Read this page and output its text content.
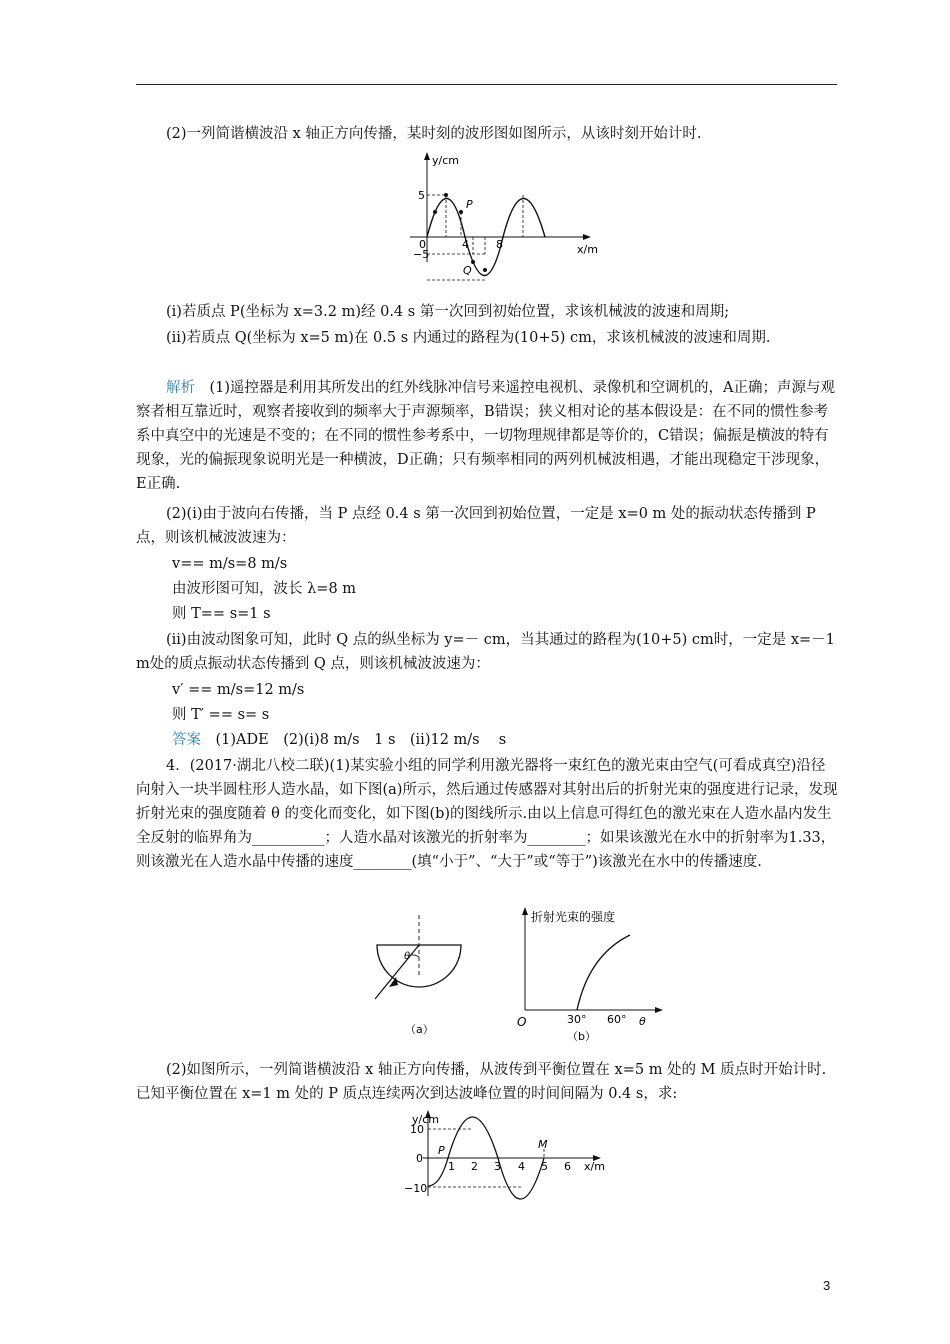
(2)一列简谐横波沿 x 轴正方向传播，某时刻的波形图如图所示，从该时刻开始计时.

y/cm
5
−5
0	4 8
P
Q
x/m

(ⅰ)若质点 P(坐标为 x=3.2 m)经 0.4 s 第一次回到初始位置，求该机械波的波速和周期;

(ⅱ)若质点 Q(坐标为 x=5 m)在 0.5 s 内通过的路程为(10+5) cm，求该机械波的波速和周期.

解析　 (1)遥控器是利用其所发出的红外线脉冲信号来遥控电视机、录像机和空调机的，A正确；声源与观察者相互靠近时，观察者接收到的频率大于声源频率，B错误；狭义相对论的基本假设是：在不同的惯性参考系中真空中的光速是不变的；在不同的惯性参考系中，一切物理规律都是等价的，C错误；偏振是横波的特有现象，光的偏振现象说明光是一种横波，D正确；只有频率相同的两列机械波相遇，才能出现稳定干涉现象，E正确.

(2)(ⅰ)由于波向右传播，当 P 点经 0.4 s 第一次回到初始位置，一定是 x=0 m 处的振动状态传播到 P 点，则该机械波波速为：

v== m/s=8 m/s

由波形图可知，波长 λ=8 m

则 T== s=1 s

(ⅱ)由波动图象可知，此时 Q 点的纵坐标为 y=－ cm，当其通过的路程为(10+5) cm时，一定是 x=－1 m处的质点振动状态传播到 Q 点，则该机械波波速为：

v′ == m/s=12 m/s

则 T′ == s= s

答案　 (1)ADE　(2)(ⅰ)8 m/s　1 s　(ⅱ)12 m/s　 s

4．(2017·湖北八校二联)(1)某实验小组的同学利用激光器将一束红色的激光束由空气(可看成真空)沿径向射入一块半圆柱形人造水晶，如下图(a)所示，然后通过传感器对其射出后的折射光束的强度进行记录，发现折射光束的强度随着 θ 的变化而变化，如下图(b)的图线所示.由以上信息可得红色的激光束在人造水晶内发生全反射的临界角为__________；人造水晶对该激光的折射率为________；如果该激光在水中的折射率为1.33，则该激光在人造水晶中传播的速度________(填“小于”、“大于”或“等于”)该激光在水中的传播速度.

θ
（a）
折射光束的强度
O	30° 60° θ
（b）

(2)如图所示，一列简谐横波沿 x 轴正方向传播，从波传到平衡位置在 x=5 m 处的 M 质点时开始计时. 已知平衡位置在 x=1 m 处的 P 质点连续两次到达波峰位置的时间间隔为 0.4 s，求:

y/cm
10
0
−10
P	M
1 2 3 4 5 6 x/m
3
